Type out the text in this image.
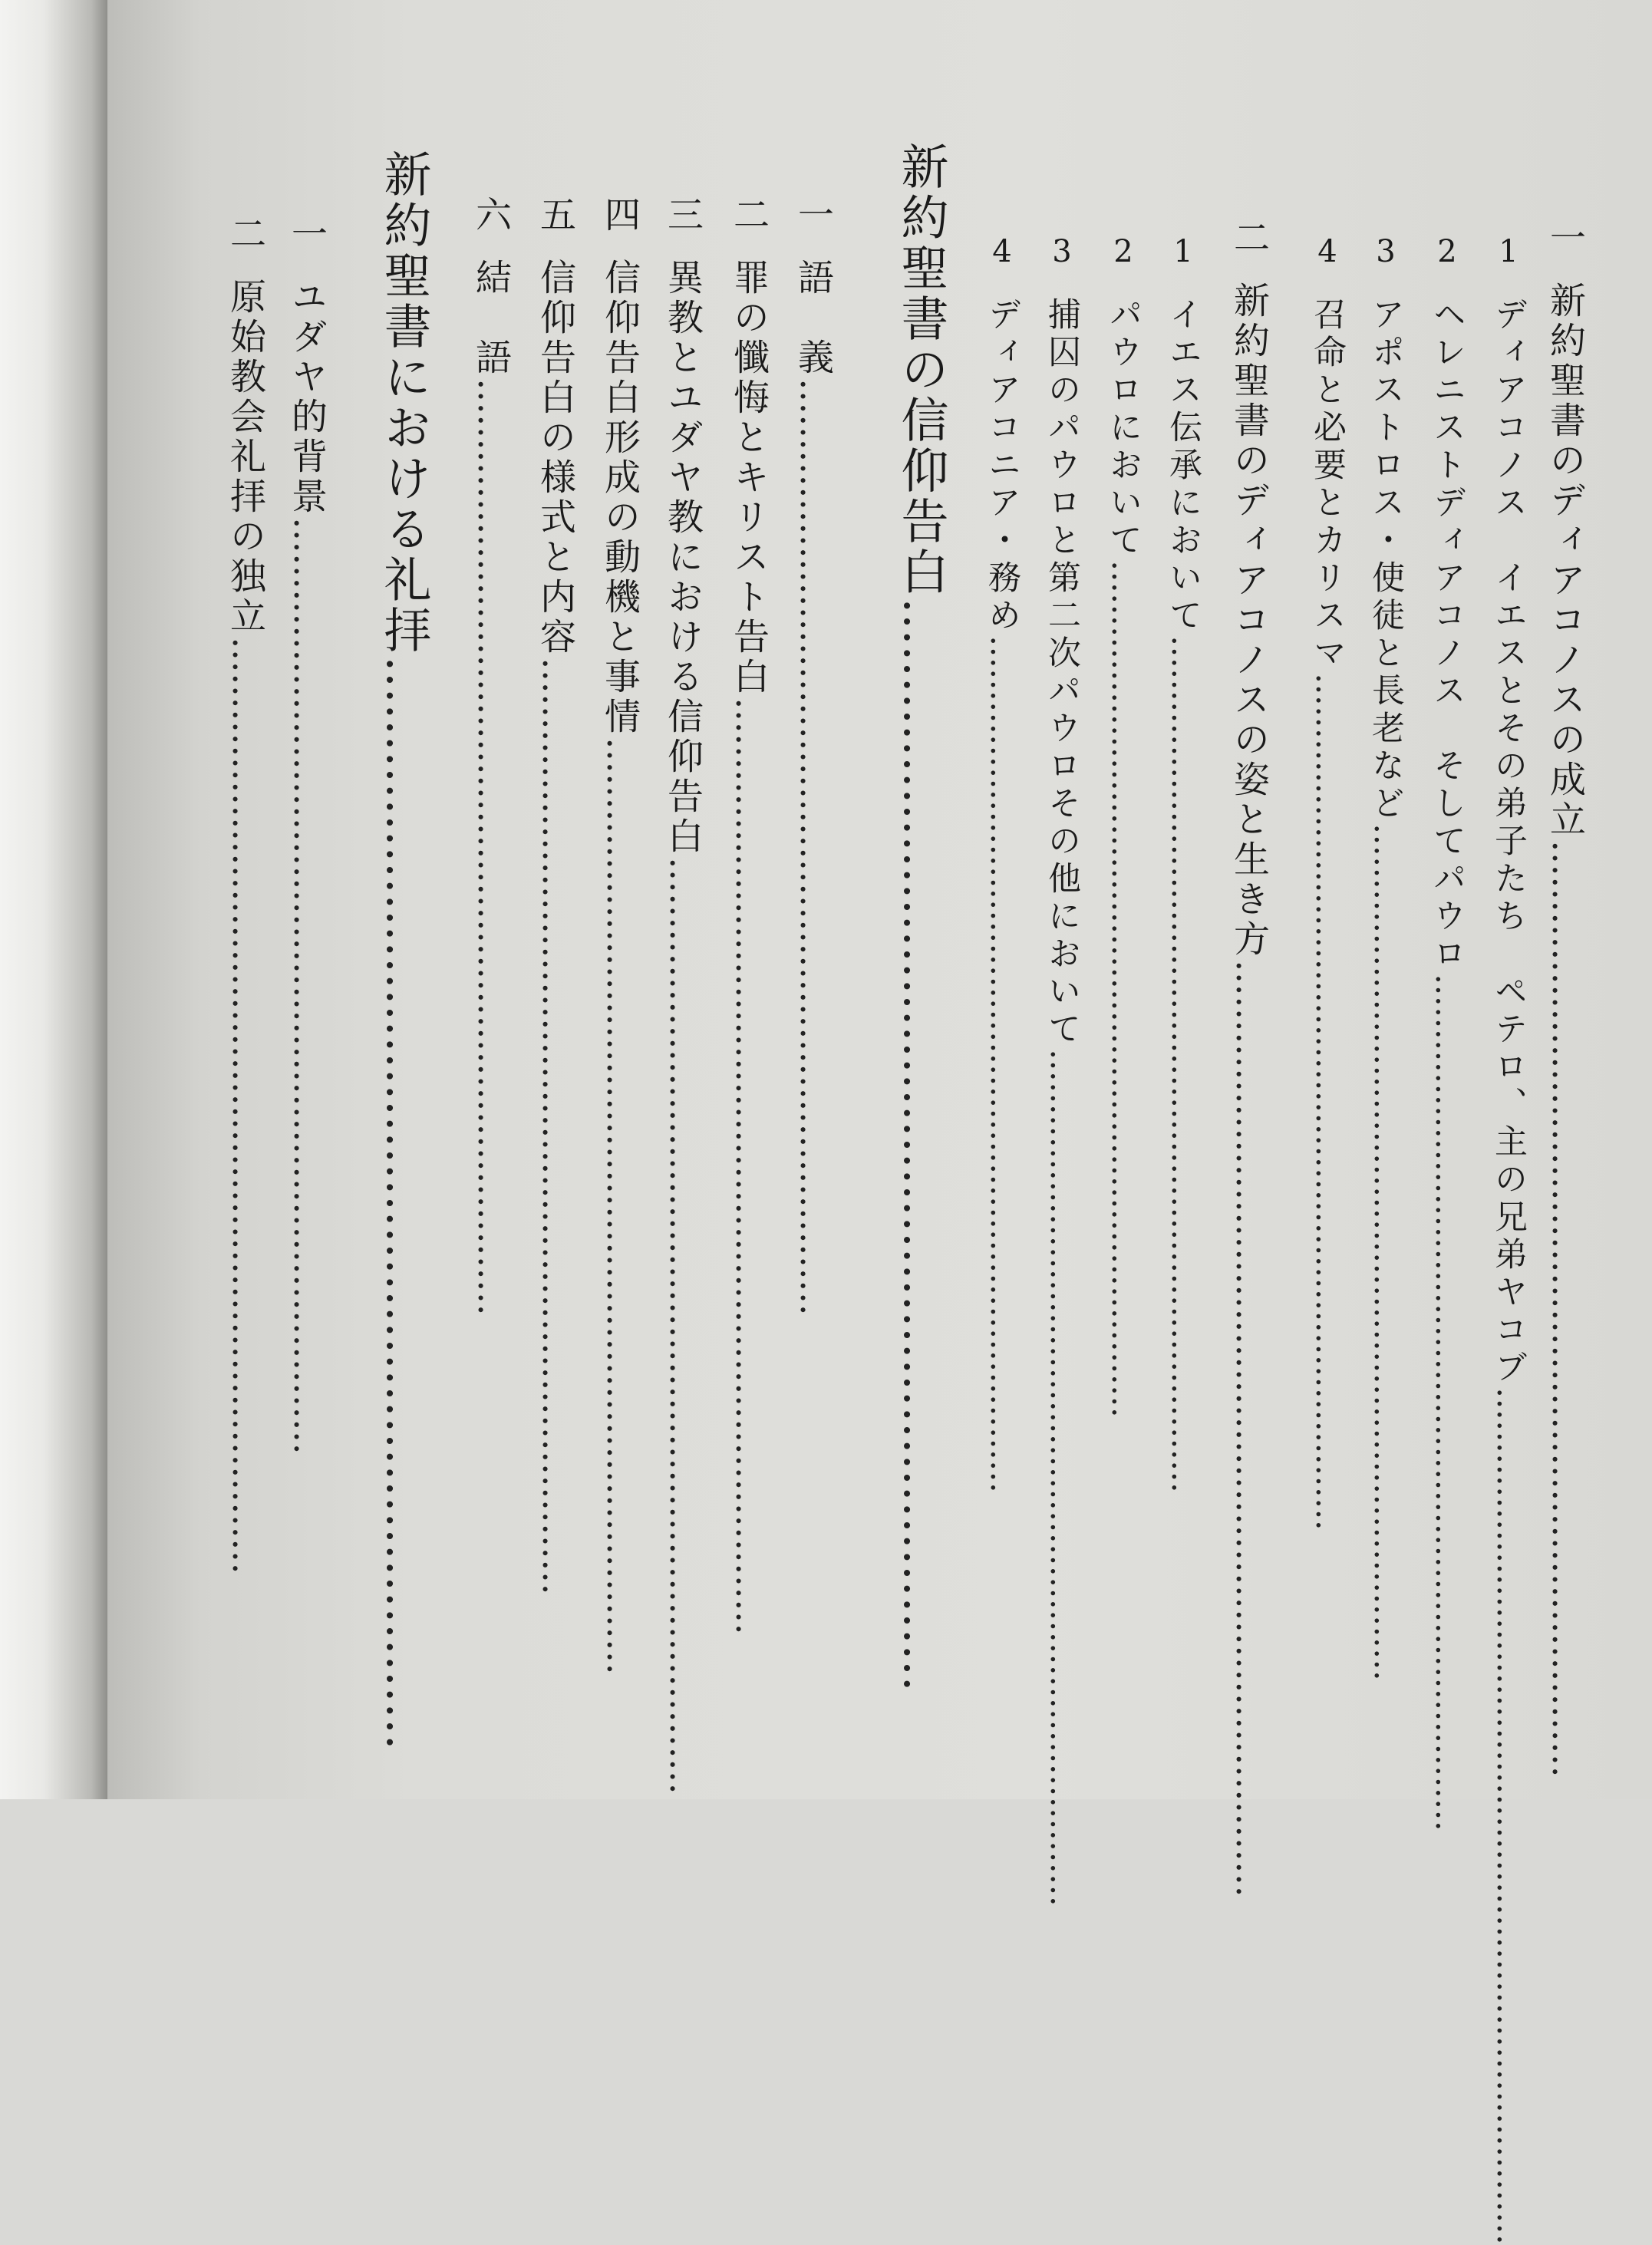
一新約聖書のディアコノスの成立……………………………………………………………………
1ディアコノス　イエスとその弟子たち　ペテロ、主の兄弟ヤコブ……………………………………………………………………
2ヘレニストディアコノス　そしてパウロ……………………………………………………………………
3アポストロス・使徒と長老など……………………………………………………………………
4召命と必要とカリスマ……………………………………………………………………
二新約聖書のディアコノスの姿と生き方……………………………………………………………………
1イエス伝承において……………………………………………………………………
2パウロにおいて……………………………………………………………………
3捕囚のパウロと第二次パウロその他において……………………………………………………………………
4ディアコニア・務め……………………………………………………………………
新約聖書の信仰告白……………………………………………………………
一語　義……………………………………………………………………
二罪の懺悔とキリスト告白……………………………………………………………………
三異教とユダヤ教における信仰告白……………………………………………………………………
四信仰告白形成の動機と事情……………………………………………………………………
五信仰告白の様式と内容……………………………………………………………………
六結　語……………………………………………………………………
新約聖書における礼拝……………………………………………………………
一ユダヤ的背景……………………………………………………………………
二原始教会礼拝の独立……………………………………………………………………
